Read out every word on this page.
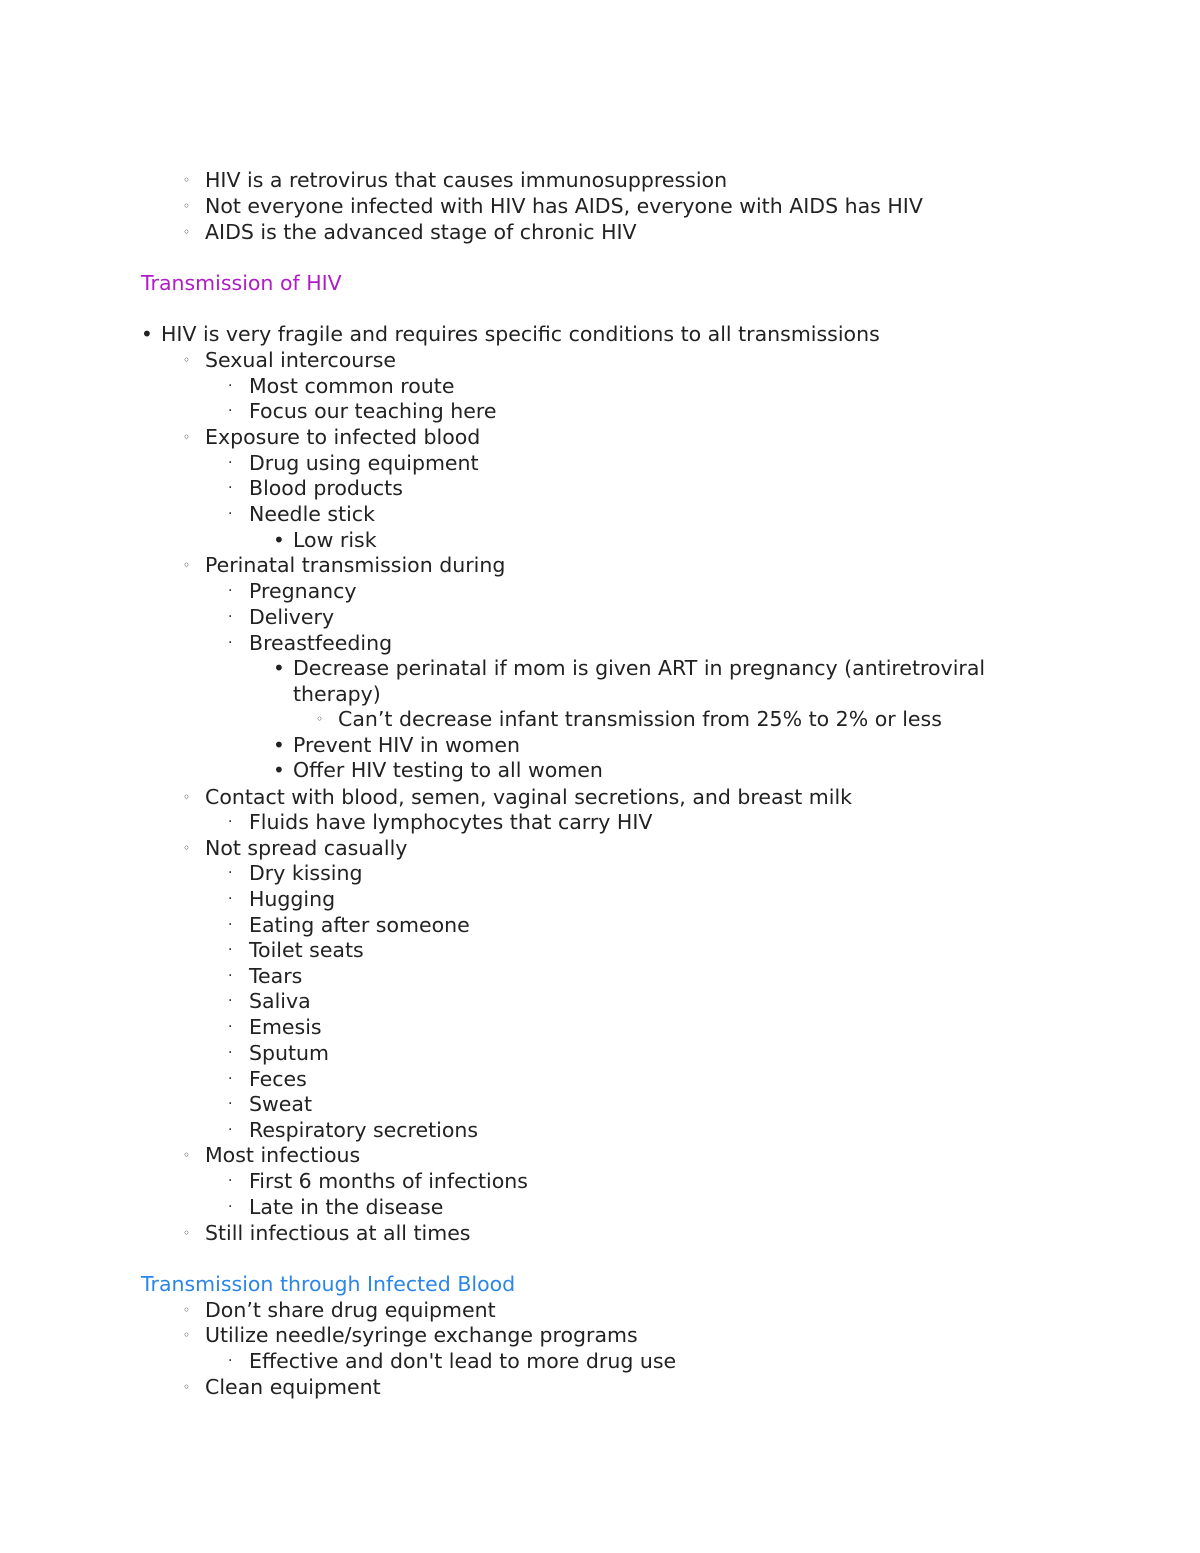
◦ HIV is a retrovirus that causes immunosuppression
◦ Not everyone infected with HIV has AIDS, everyone with AIDS has HIV
◦ AIDS is the advanced stage of chronic HIV
Transmission of HIV
• HIV is very fragile and requires specific conditions to all transmissions
◦ Sexual intercourse
· Most common route
· Focus our teaching here
◦ Exposure to infected blood
· Drug using equipment
· Blood products
· Needle stick
• Low risk
◦ Perinatal transmission during
· Pregnancy
· Delivery
· Breastfeeding
• Decrease perinatal if mom is given ART in pregnancy (antiretroviral
therapy)
◦ Can’t decrease infant transmission from 25% to 2% or less
• Prevent HIV in women
• Offer HIV testing to all women
◦ Contact with blood, semen, vaginal secretions, and breast milk
· Fluids have lymphocytes that carry HIV
◦ Not spread casually
· Dry kissing
· Hugging
· Eating after someone
· Toilet seats
· Tears
· Saliva
· Emesis
· Sputum
· Feces
· Sweat
· Respiratory secretions
◦ Most infectious
· First 6 months of infections
· Late in the disease
◦ Still infectious at all times
Transmission through Infected Blood
◦ Don’t share drug equipment
◦ Utilize needle/syringe exchange programs
· Effective and don't lead to more drug use
◦ Clean equipment
